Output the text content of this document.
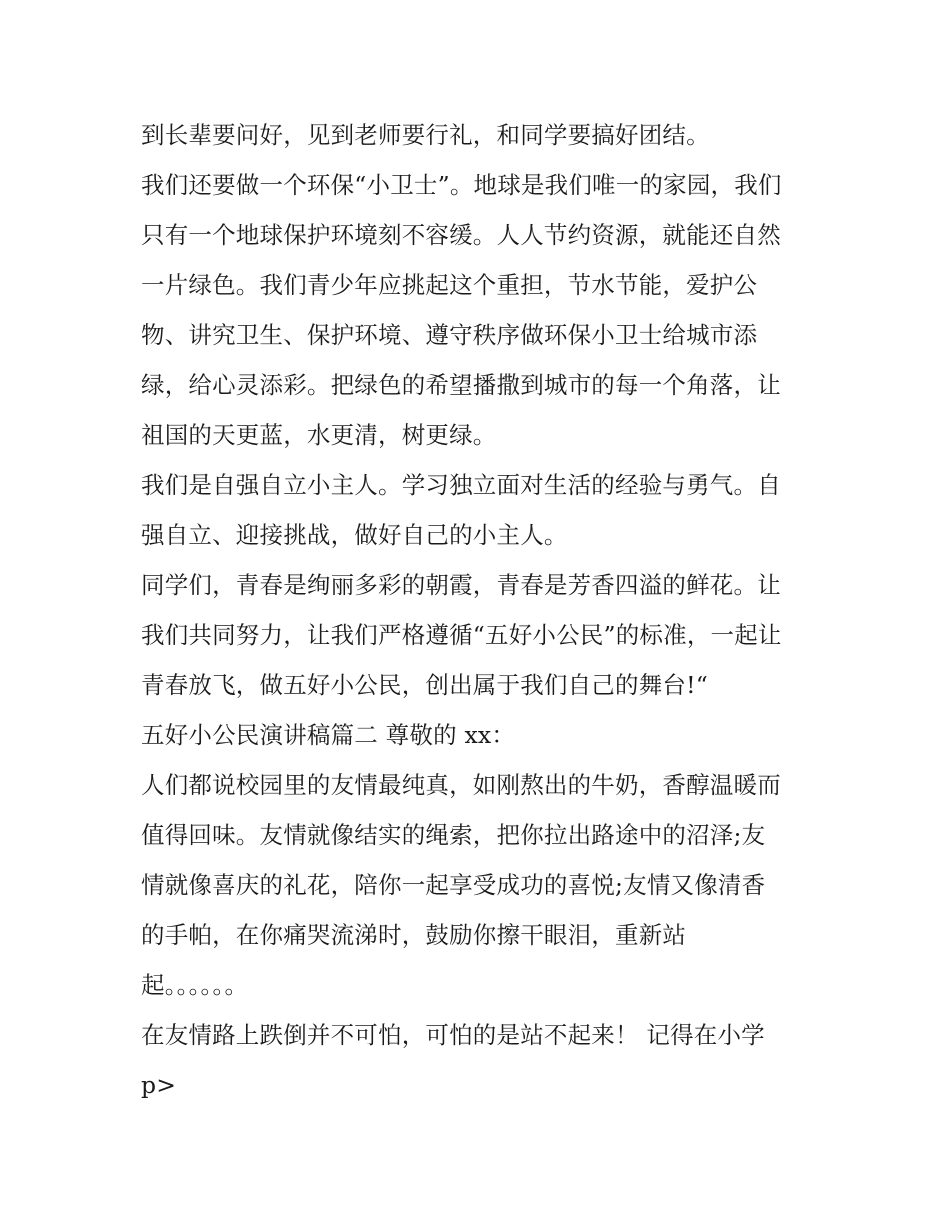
到长辈要问好，见到老师要行礼，和同学要搞好团结。
我们还要做一个环保“小卫士”。地球是我们唯一的家园，我们
只有一个地球保护环境刻不容缓。人人节约资源，就能还自然
一片绿色。我们青少年应挑起这个重担，节水节能，爱护公
物、讲究卫生、保护环境、遵守秩序做环保小卫士给城市添
绿，给心灵添彩。把绿色的希望播撒到城市的每一个角落，让
祖国的天更蓝，水更清，树更绿。
我们是自强自立小主人。学习独立面对生活的经验与勇气。自
强自立、迎接挑战，做好自己的小主人。
同学们，青春是绚丽多彩的朝霞，青春是芳香四溢的鲜花。让
我们共同努力，让我们严格遵循“五好小公民”的标准，一起让
青春放飞，做五好小公民，创出属于我们自己的舞台!“
五好小公民演讲稿篇二 尊敬的 xx：
人们都说校园里的友情最纯真，如刚熬出的牛奶，香醇温暖而
值得回味。友情就像结实的绳索，把你拉出路途中的沼泽;友
情就像喜庆的礼花，陪你一起享受成功的喜悦;友情又像清香
的手帕，在你痛哭流涕时，鼓励你擦干眼泪，重新站
起。。。。。。
在友情路上跌倒并不可怕，可怕的是站不起来！ 记得在小学
p>
